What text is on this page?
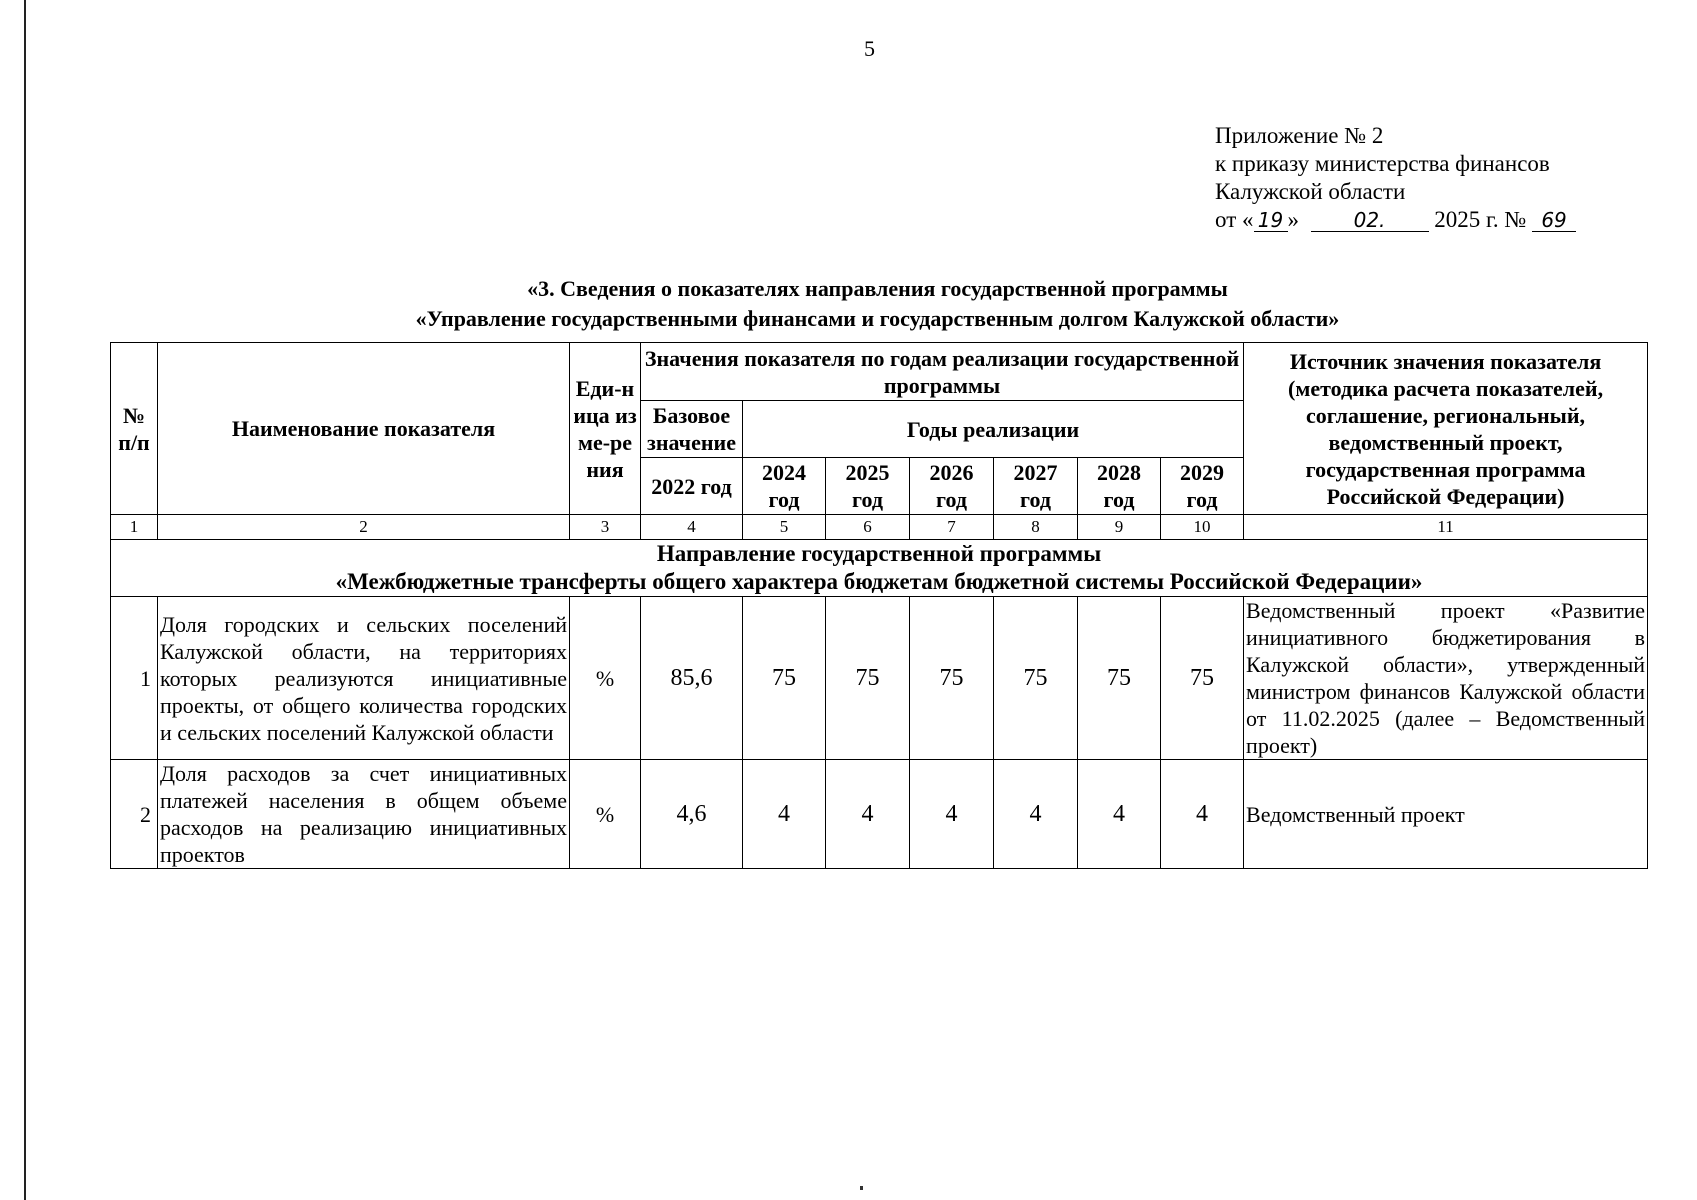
5
Приложение № 2
к приказу министерства финансов
Калужской области
от « 19 »	02. 2025 г. № 69
«3. Сведения о показателях направления государственной программы
«Управление государственными финансами и государственным долгом Калужской области»
№ п/п	Наименование показателя	Еди-ница изме-рения	Значения показателя по годам реализации государственной программы							Источник значения показателя (методика расчета показателей, соглашение, региональный, ведомственный проект, государственная программа Российской Федерации)
			Базовое значение	Годы реализации						
			2022 год	2024 год	2025 год	2026 год	2027 год	2028 год	2029 год	
1	2	3	4	5	6	7	8	9	10	11

Направление государственной программы
«Межбюджетные трансферты общего характера бюджетам бюджетной системы Российской Федерации»										

1	Доля городских и сельских поселений Калужской области, на территориях которых реализуются инициативные проекты, от общего количества городских и сельских поселений Калужской области	%	85,6	75	75	75	75	75	75	Ведомственный проект «Развитие инициативного бюджетирования в Калужской области», утвержденный министром финансов Калужской области от 11.02.2025 (далее – Ведомственный проект)
2	Доля расходов за счет инициативных платежей населения в общем объеме расходов на реализацию инициативных проектов	%	4,6	4	4	4	4	4	4	Ведомственный проект
